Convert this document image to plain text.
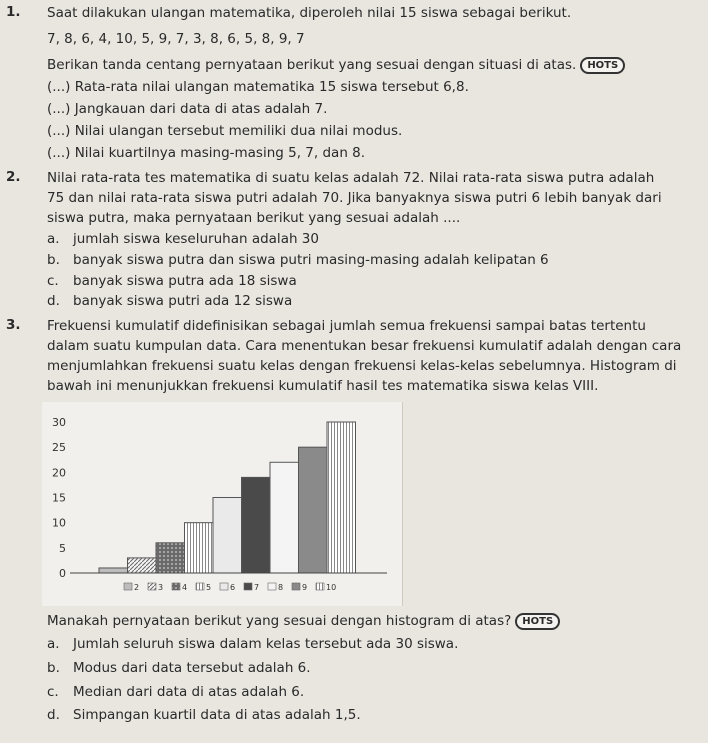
1. Saat dilakukan ulangan matematika, diperoleh nilai 15 siswa sebagai berikut.
7, 8, 6, 4, 10, 5, 9, 7, 3, 8, 6, 5, 8, 9, 7
Berikan tanda centang pernyataan berikut yang sesuai dengan situasi di atas. HOTS
(...) Rata-rata nilai ulangan matematika 15 siswa tersebut 6,8.
(...) Jangkauan dari data di atas adalah 7.
(...) Nilai ulangan tersebut memiliki dua nilai modus.
(...) Nilai kuartilnya masing-masing 5, 7, dan 8.
2. Nilai rata-rata tes matematika di suatu kelas adalah 72. Nilai rata-rata siswa putra adalah
75 dan nilai rata-rata siswa putri adalah 70. Jika banyaknya siswa putri 6 lebih banyak dari
siswa putra, maka pernyataan berikut yang sesuai adalah ....
a. jumlah siswa keseluruhan adalah 30
b. banyak siswa putra dan siswa putri masing-masing adalah kelipatan 6
c. banyak siswa putra ada 18 siswa
d. banyak siswa putri ada 12 siswa
3. Frekuensi kumulatif didefinisikan sebagai jumlah semua frekuensi sampai batas tertentu
dalam suatu kumpulan data. Cara menentukan besar frekuensi kumulatif adalah dengan cara
menjumlahkan frekuensi suatu kelas dengan frekuensi kelas-kelas sebelumnya. Histogram di
bawah ini menunjukkan frekuensi kumulatif hasil tes matematika siswa kelas VIII.
0
5
10
15
20
25
30
2 3 4 5 6 7 8 9 10
Manakah pernyataan berikut yang sesuai dengan histogram di atas? HOTS
a. Jumlah seluruh siswa dalam kelas tersebut ada 30 siswa.
b. Modus dari data tersebut adalah 6.
c. Median dari data di atas adalah 6.
d. Simpangan kuartil data di atas adalah 1,5.
